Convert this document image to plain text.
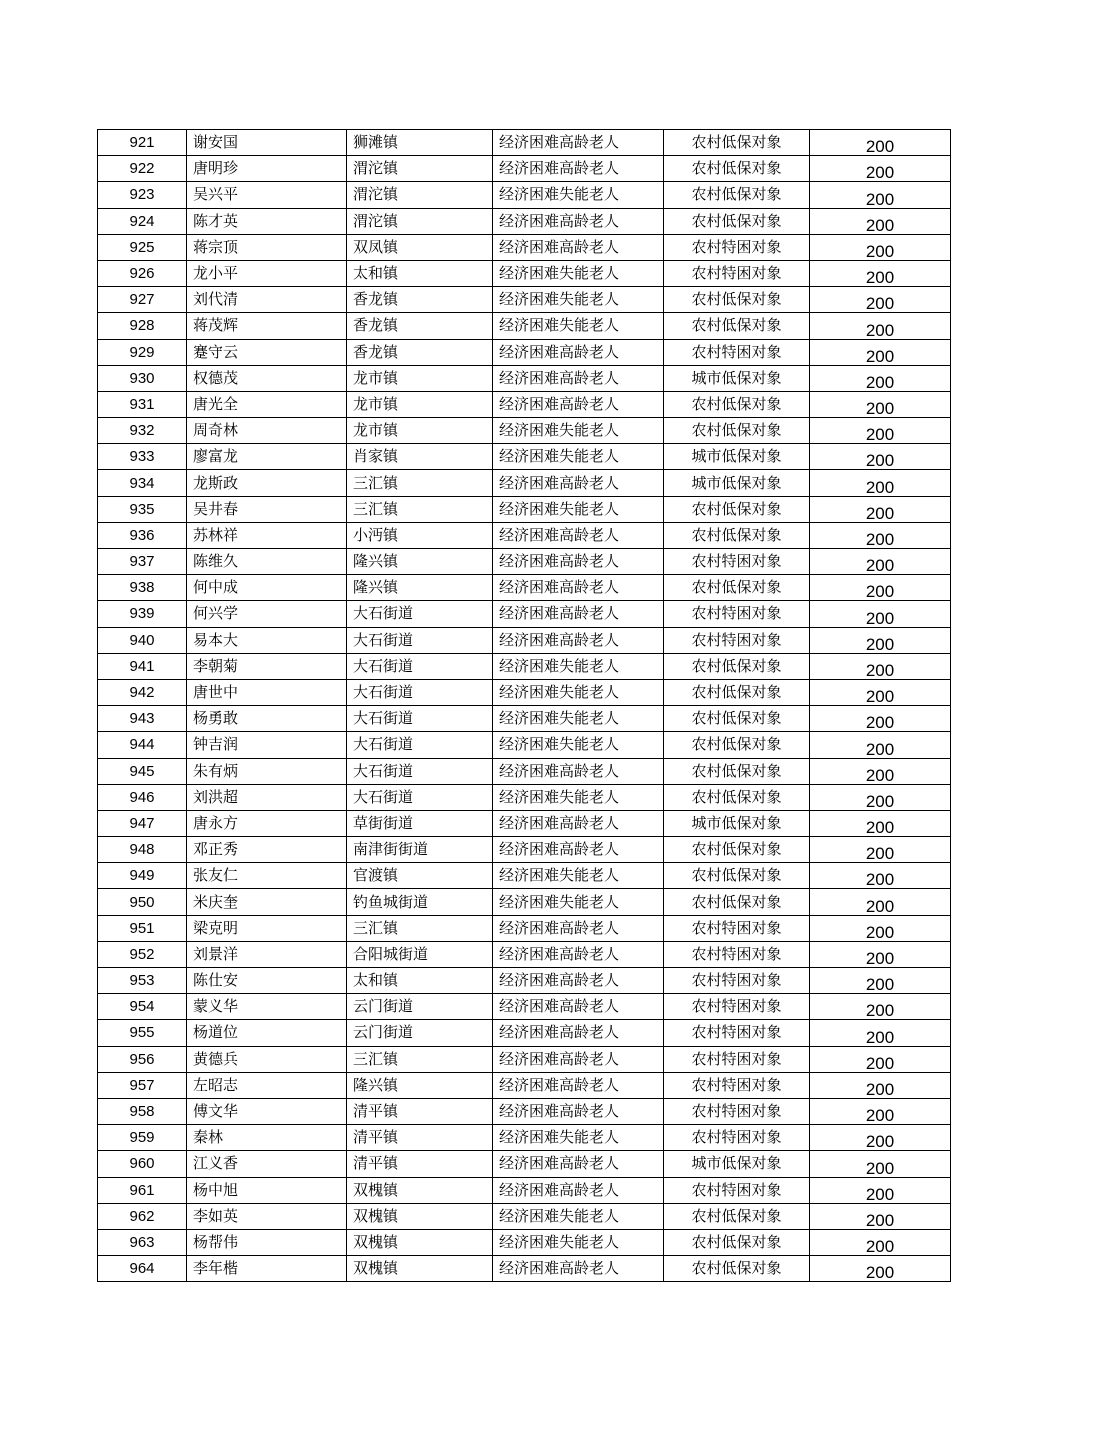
921	谢安国	狮滩镇	经济困难高龄老人	农村低保对象	200
922	唐明珍	渭沱镇	经济困难高龄老人	农村低保对象	200
923	吴兴平	渭沱镇	经济困难失能老人	农村低保对象	200
924	陈才英	渭沱镇	经济困难高龄老人	农村低保对象	200
925	蒋宗顶	双凤镇	经济困难高龄老人	农村特困对象	200
926	龙小平	太和镇	经济困难失能老人	农村特困对象	200
927	刘代清	香龙镇	经济困难失能老人	农村低保对象	200
928	蒋茂辉	香龙镇	经济困难失能老人	农村低保对象	200
929	蹇守云	香龙镇	经济困难高龄老人	农村特困对象	200
930	权德茂	龙市镇	经济困难高龄老人	城市低保对象	200
931	唐光全	龙市镇	经济困难高龄老人	农村低保对象	200
932	周奇林	龙市镇	经济困难失能老人	农村低保对象	200
933	廖富龙	肖家镇	经济困难失能老人	城市低保对象	200
934	龙斯政	三汇镇	经济困难高龄老人	城市低保对象	200
935	吴井春	三汇镇	经济困难失能老人	农村低保对象	200
936	苏林祥	小沔镇	经济困难高龄老人	农村低保对象	200
937	陈维久	隆兴镇	经济困难高龄老人	农村特困对象	200
938	何中成	隆兴镇	经济困难高龄老人	农村低保对象	200
939	何兴学	大石街道	经济困难高龄老人	农村特困对象	200
940	易本大	大石街道	经济困难高龄老人	农村特困对象	200
941	李朝菊	大石街道	经济困难失能老人	农村低保对象	200
942	唐世中	大石街道	经济困难失能老人	农村低保对象	200
943	杨勇敢	大石街道	经济困难失能老人	农村低保对象	200
944	钟吉润	大石街道	经济困难失能老人	农村低保对象	200
945	朱有炳	大石街道	经济困难高龄老人	农村低保对象	200
946	刘洪超	大石街道	经济困难失能老人	农村低保对象	200
947	唐永方	草街街道	经济困难高龄老人	城市低保对象	200
948	邓正秀	南津街街道	经济困难高龄老人	农村低保对象	200
949	张友仁	官渡镇	经济困难失能老人	农村低保对象	200
950	米庆奎	钓鱼城街道	经济困难失能老人	农村低保对象	200
951	梁克明	三汇镇	经济困难高龄老人	农村特困对象	200
952	刘景洋	合阳城街道	经济困难高龄老人	农村特困对象	200
953	陈仕安	太和镇	经济困难高龄老人	农村特困对象	200
954	蒙义华	云门街道	经济困难高龄老人	农村特困对象	200
955	杨道位	云门街道	经济困难高龄老人	农村特困对象	200
956	黄德兵	三汇镇	经济困难高龄老人	农村特困对象	200
957	左昭志	隆兴镇	经济困难高龄老人	农村特困对象	200
958	傅文华	清平镇	经济困难高龄老人	农村特困对象	200
959	秦林	清平镇	经济困难失能老人	农村特困对象	200
960	江义香	清平镇	经济困难高龄老人	城市低保对象	200
961	杨中旭	双槐镇	经济困难高龄老人	农村特困对象	200
962	李如英	双槐镇	经济困难失能老人	农村低保对象	200
963	杨帮伟	双槐镇	经济困难失能老人	农村低保对象	200
964	李年楷	双槐镇	经济困难高龄老人	农村低保对象	200
